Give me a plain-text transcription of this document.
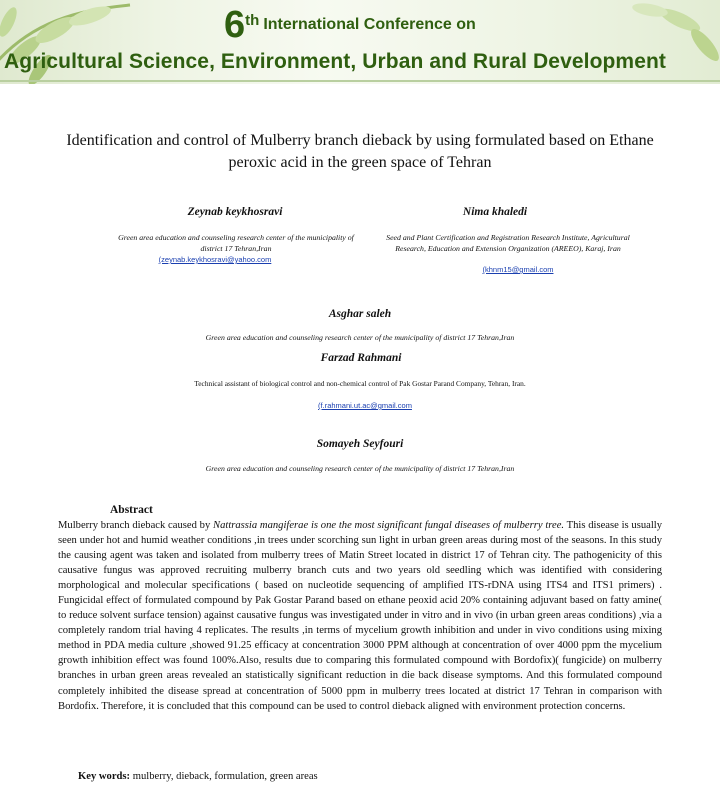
6th International Conference on
Agricultural Science, Environment, Urban and Rural Development
Identification and control of Mulberry branch dieback by using formulated based on Ethane peroxic acid in the green space of Tehran
Zeynab keykhosravi
Green area education and counseling research center of the municipality of district 17 Tehran,Iran
(zeynab.keykhosravi@yahoo.com
Nima khaledi
Seed and Plant Certification and Registration Research Institute, Agricultural Research, Education and Extension Organization (AREEO), Karaj, Iran
(khnm15@gmail.com
Asghar saleh
Green area education and counseling research center of the municipality of district 17 Tehran,Iran
Farzad Rahmani
Technical assistant of biological control and non-chemical control of Pak Gostar Parand Company, Tehran, Iran.
(f.rahmani.ut.ac@gmail.com
Somayeh Seyfouri
Green area education and counseling research center of the municipality of district 17 Tehran,Iran
Abstract
Mulberry branch dieback caused by Nattrassia mangiferae is one the most significant fungal diseases of mulberry tree. This disease is usually seen under hot and humid weather conditions ,in trees under scorching sun light in urban green areas during most of the seasons. In this study the causing agent was taken and isolated from mulberry trees of Matin Street located in district 17 of Tehran city. The pathogenicity of this causative fungus was approved recruiting mulberry branch cuts and two years old seedling which was identified with considering morphological and molecular specifications ( based on nucleotide sequencing of amplified ITS-rDNA using ITS4 and ITS1 primers) . Fungicidal effect of formulated compound by Pak Gostar Parand based on ethane peoxid acid 20% containing adjuvant based on fatty amine( to reduce solvent surface tension) against causative fungus was investigated under in vitro and in vivo (in urban green areas conditions) ,via a completely random trial having 4 replicates. The results ,in terms of mycelium growth inhibition and under in vivo conditions using mixing method in PDA media culture ,showed 91.25 efficacy at concentration 3000 PPM although at concentration of over 4000 ppm the mycelium growth inhibition effect was found 100%.Also, results due to comparing this formulated compound with Bordofix)( fungicide) on mulberry branches in urban green areas revealed an statistically significant reduction in die back disease symptoms. And this formulated compound completely inhibited the disease spread at concentration of 5000 ppm in mulberry trees located at district 17 Tehran in comparison with Bordofix. Therefore, it is concluded that this compound can be used to control dieback aligned with environment protection concerns.
Key words: mulberry, dieback, formulation, green areas
